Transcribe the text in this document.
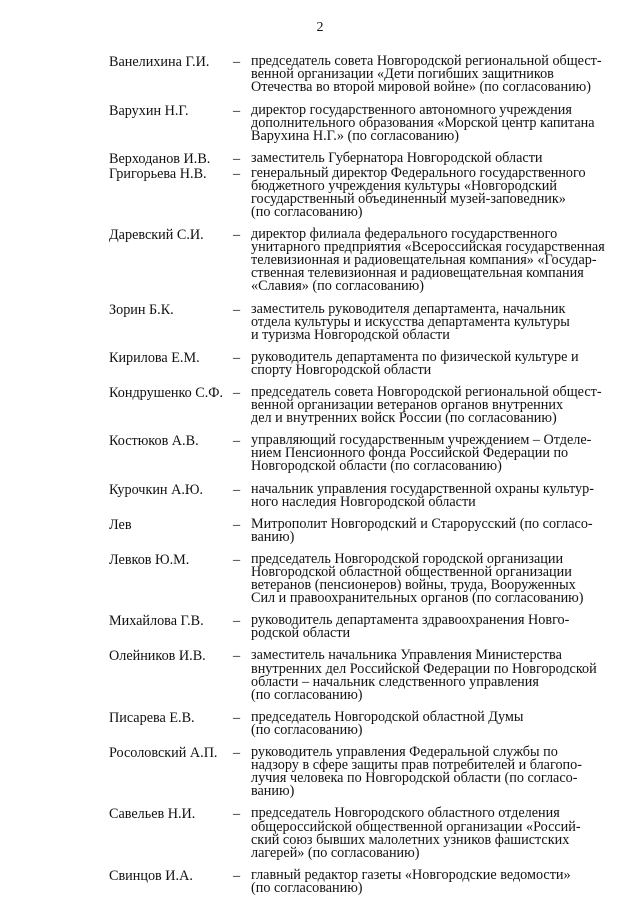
2
Ванелихина Г.И. – председатель совета Новгородской региональной общест-
венной организации «Дети погибших защитников
Отечества во второй мировой войне» (по согласованию)
Варухин Н.Г.	– директор государственного автономного учреждения
дополнительного образования «Морской центр капитана
Варухина Н.Г.» (по согласованию)
Верходанов И.В. – заместитель Губернатора Новгородской области
Григорьева Н.В. – генеральный директор Федерального государственного
бюджетного учреждения культуры «Новгородский
государственный объединенный музей-заповедник»
(по согласованию)
Даревский С.И. – директор филиала федерального государственного
унитарного предприятия «Всероссийская государственная
телевизионная и радиовещательная компания» «Государ-
ственная телевизионная и радиовещательная компания
«Славия» (по согласованию)
Зорин Б.К.	– заместитель руководителя департамента, начальник
отдела культуры и искусства департамента культуры
и туризма Новгородской области
Кирилова Е.М. – руководитель департамента по физической культуре и
спорту Новгородской области
Кондрушенко С.Ф. – председатель совета Новгородской региональной общест-
венной организации ветеранов органов внутренних
дел и внутренних войск России (по согласованию)
Костюков А.В. – управляющий государственным учреждением – Отделе-
нием Пенсионного фонда Российской Федерации по
Новгородской области (по согласованию)
Курочкин А.Ю. – начальник управления государственной охраны культур-
ного наследия Новгородской области
Лев	– Митрополит Новгородский и Старорусский (по согласо-
ванию)
Левков Ю.М.	– председатель Новгородской городской организации
Новгородской областной общественной организации
ветеранов (пенсионеров) войны, труда, Вооруженных
Сил и правоохранительных органов (по согласованию)
Михайлова Г.В. – руководитель департамента здравоохранения Новго-
родской области
Олейников И.В. – заместитель начальника Управления Министерства
внутренних дел Российской Федерации по Новгородской
области – начальник следственного управления
(по согласованию)
Писарева Е.В.	– председатель Новгородской областной Думы
(по согласованию)
Росоловский А.П. – руководитель управления Федеральной службы по
надзору в сфере защиты прав потребителей и благопо-
лучия человека по Новгородской области (по согласо-
ванию)
Савельев Н.И.	– председатель Новгородского областного отделения
общероссийской общественной организации «Россий-
ский союз бывших малолетних узников фашистских
лагерей» (по согласованию)
Свинцов И.А.	– главный редактор газеты «Новгородские ведомости»
(по согласованию)
